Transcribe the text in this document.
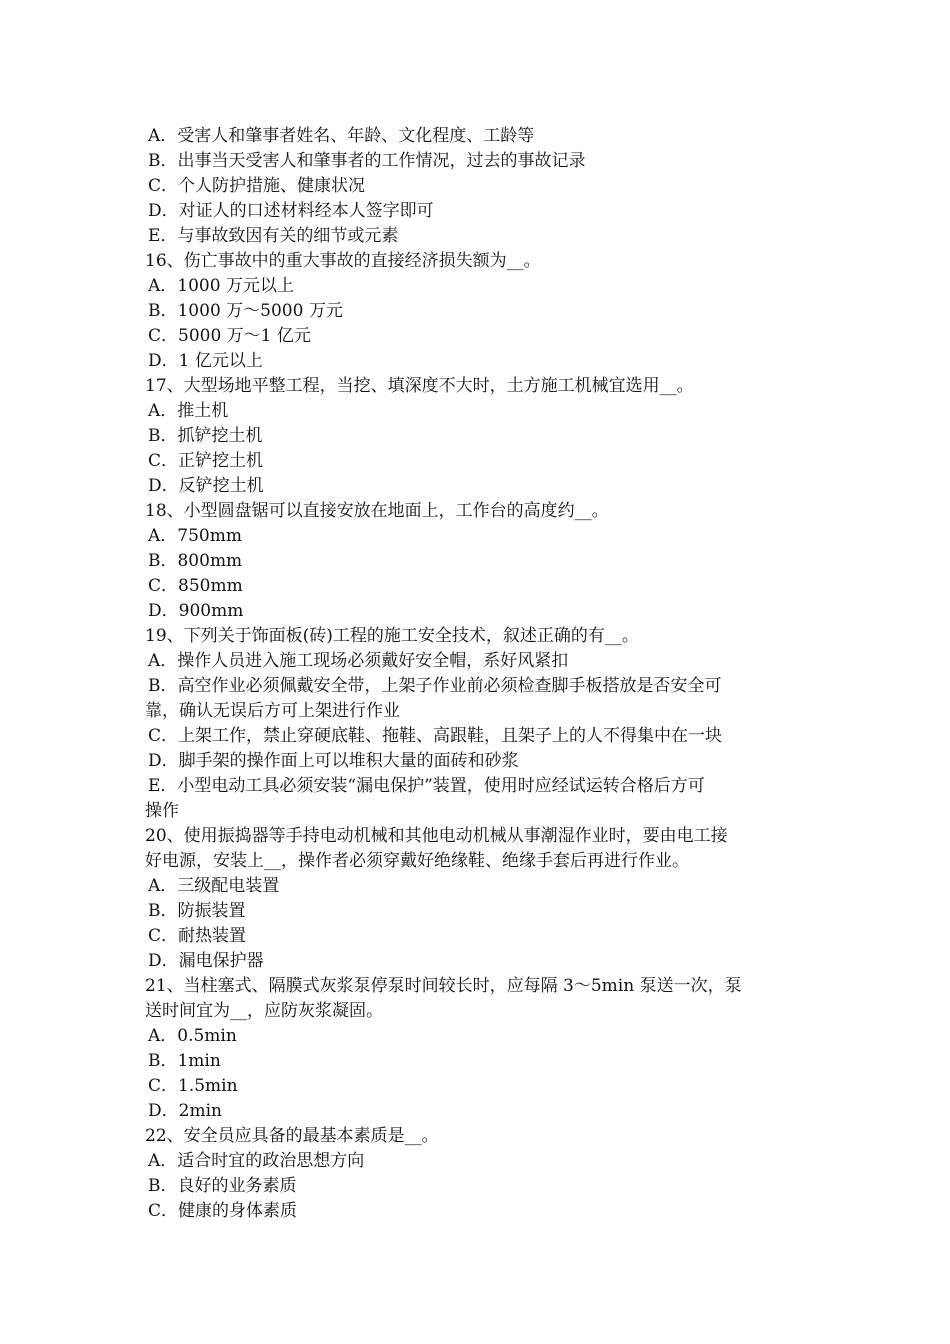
A．受害人和肇事者姓名、年龄、文化程度、工龄等
B．出事当天受害人和肇事者的工作情况，过去的事故记录
C．个人防护措施、健康状况
D．对证人的口述材料经本人签字即可
E．与事故致因有关的细节或元素
16、伤亡事故中的重大事故的直接经济损失额为__。
A．1000 万元以上
B．1000 万～5000 万元
C．5000 万～1 亿元
D．1 亿元以上
17、大型场地平整工程，当挖、填深度不大时，土方施工机械宜选用__。
A．推土机
B．抓铲挖土机
C．正铲挖土机
D．反铲挖土机
18、小型圆盘锯可以直接安放在地面上，工作台的高度约__。
A．750mm
B．800mm
C．850mm
D．900mm
19、下列关于饰面板(砖)工程的施工安全技术，叙述正确的有__。
A．操作人员进入施工现场必须戴好安全帽，系好风紧扣
B．高空作业必须佩戴安全带，上架子作业前必须检查脚手板搭放是否安全可
靠，确认无误后方可上架进行作业
C．上架工作，禁止穿硬底鞋、拖鞋、高跟鞋，且架子上的人不得集中在一块
D．脚手架的操作面上可以堆积大量的面砖和砂浆
E．小型电动工具必须安装“漏电保护”装置，使用时应经试运转合格后方可
操作
20、使用振捣器等手持电动机械和其他电动机械从事潮湿作业时，要由电工接
好电源，安装上__，操作者必须穿戴好绝缘鞋、绝缘手套后再进行作业。
A．三级配电装置
B．防振装置
C．耐热装置
D．漏电保护器
21、当柱塞式、隔膜式灰浆泵停泵时间较长时，应每隔 3～5min 泵送一次，泵
送时间宜为__，应防灰浆凝固。
A．0.5min
B．1min
C．1.5min
D．2min
22、安全员应具备的最基本素质是__。
A．适合时宜的政治思想方向
B．良好的业务素质
C．健康的身体素质
